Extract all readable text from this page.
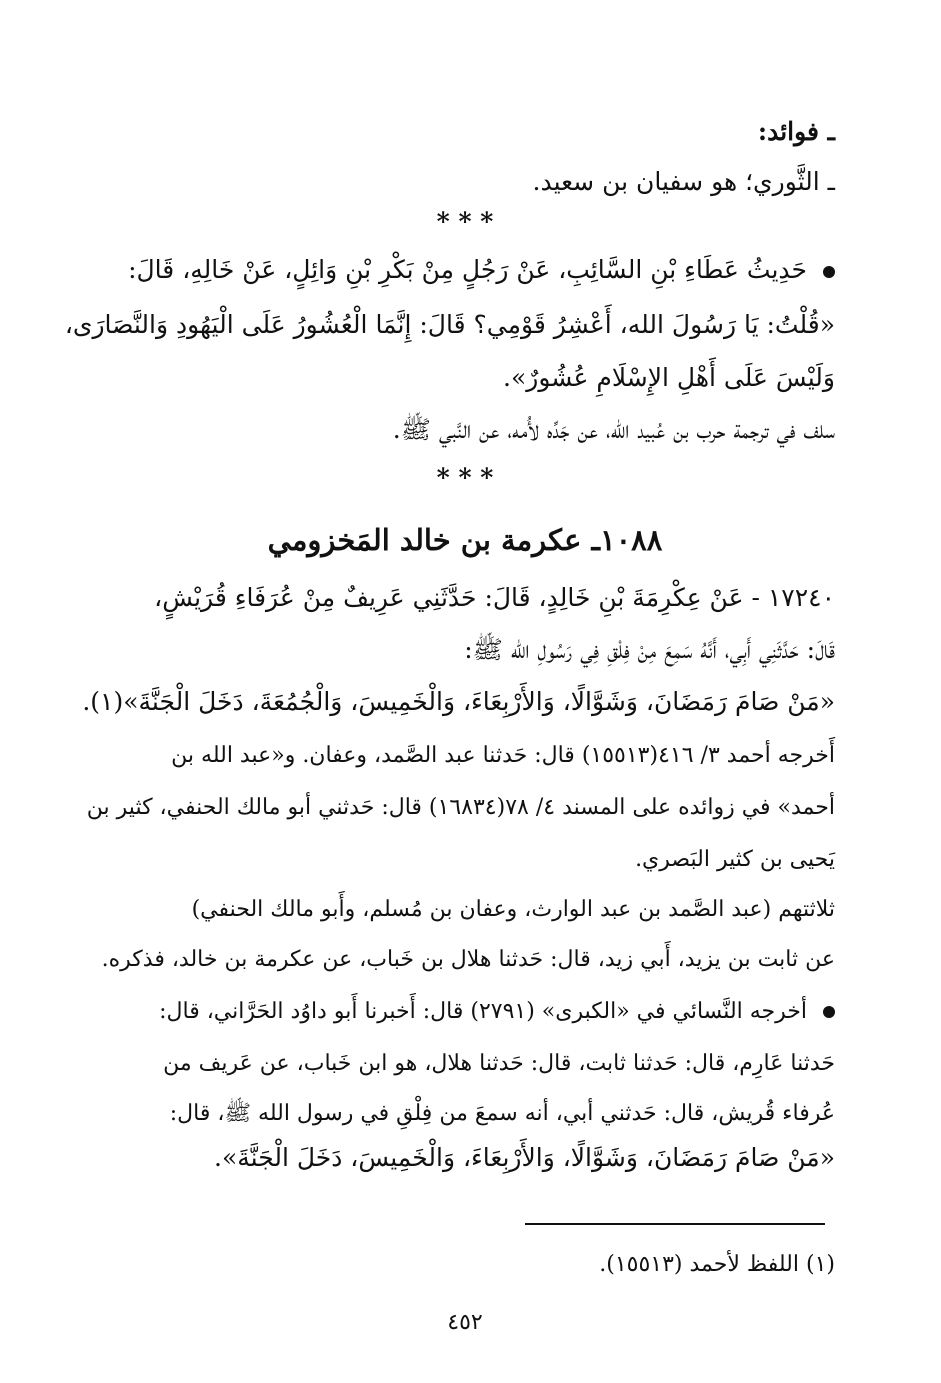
ـ فوائد:
ـ الثَّوري؛ هو سفيان بن سعيد.
* * *
حَدِيثُ عَطَاءِ بْنِ السَّائِبِ، عَنْ رَجُلٍ مِنْ بَكْرِ بْنِ وَائِلٍ، عَنْ خَالِهِ، قَالَ:
«قُلْتُ: يَا رَسُولَ الله، أَعْشِرُ قَوْمِي؟ قَالَ: إِنَّمَا الْعُشُورُ عَلَى الْيَهُودِ وَالنَّصَارَى،
وَلَيْسَ عَلَى أَهْلِ الإِسْلَامِ عُشُورٌ».
سلف في ترجمة حرب بن عُبيد الله، عن جَدِّه لأُمه، عن النَّبي ﷺ.
* * *
١٠٨٨ـ عكرمة بن خالد المَخزومي
١٧٢٤٠ - عَنْ عِكْرِمَةَ بْنِ خَالِدٍ، قَالَ: حَدَّثَنِي عَرِيفٌ مِنْ عُرَفَاءِ قُرَيْشٍ،
قَالَ: حَدَّثَنِي أَبِي، أَنَّهُ سَمِعَ مِنْ فِلْقِ فِي رَسُولِ الله ﷺ:
«مَنْ صَامَ رَمَضَانَ، وَشَوَّالًا، وَالأَرْبِعَاءَ، وَالْخَمِيسَ، وَالْجُمُعَةَ، دَخَلَ الْجَنَّةَ»(١).
أَخرجه أحمد ٣/ ٤١٦(١٥٥١٣) قال: حَدثنا عبد الصَّمد، وعفان. و«عبد الله بن
أحمد» في زوائده على المسند ٤/ ٧٨(١٦٨٣٤) قال: حَدثني أبو مالك الحنفي، كثير بن
يَحيى بن كثير البَصري.
ثلاثتهم (عبد الصَّمد بن عبد الوارث، وعفان بن مُسلم، وأَبو مالك الحنفي)
عن ثابت بن يزيد، أَبي زيد، قال: حَدثنا هلال بن خَباب، عن عكرمة بن خالد، فذكره.
أخرجه النَّسائي في «الكبرى» (٢٧٩١) قال: أَخبرنا أَبو داوُد الحَرَّاني، قال:
حَدثنا عَارِم، قال: حَدثنا ثابت، قال: حَدثنا هلال، هو ابن خَباب، عن عَريف من
عُرفاء قُريش، قال: حَدثني أبي، أنه سمعَ من فِلْقِ في رسول الله ﷺ، قال:
«مَنْ صَامَ رَمَضَانَ، وَشَوَّالًا، وَالأَرْبِعَاءَ، وَالْخَمِيسَ، دَخَلَ الْجَنَّةَ».
(١) اللفظ لأحمد (١٥٥١٣).
٤٥٢
